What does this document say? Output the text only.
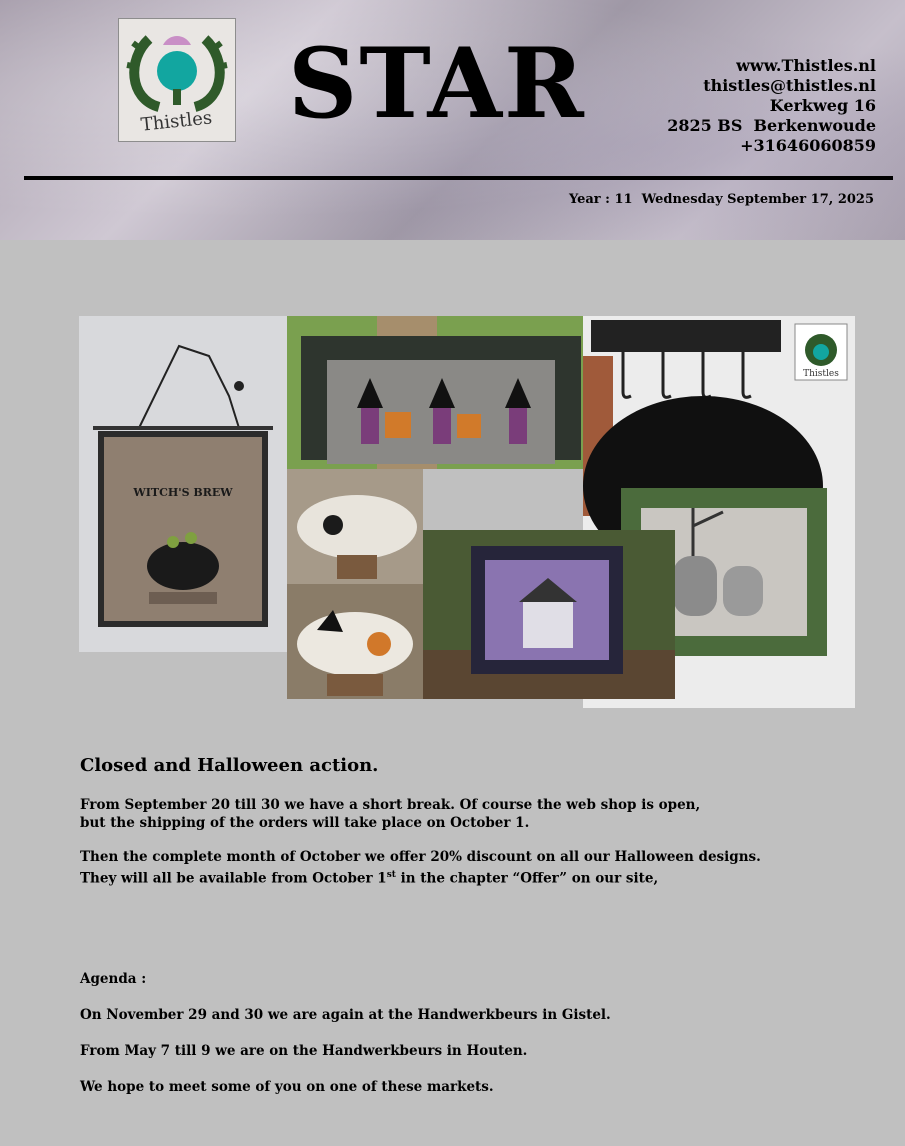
Thistles STAR	www.Thistles.nl
thistles@thistles.nl
Kerkweg 16
2825 BS  Berkenwoude
+31646060859
Year : 11  Wednesday September 17, 2025
WITCH'S BREW
Thistles
Closed and Halloween action.

From September 20 till 30 we have a short break. Of course the web shop is open,

but the shipping of the orders will take place on October 1.

Then the complete month of October we offer 20% discount on all our Halloween designs.

They will all be available from October 1st in the chapter “Offer” on our site,

Agenda :

On November 29 and 30 we are again at the Handwerkbeurs in Gistel.

From May 7 till 9 we are on the Handwerkbeurs in Houten.

We hope to meet some of you on one of these markets.
